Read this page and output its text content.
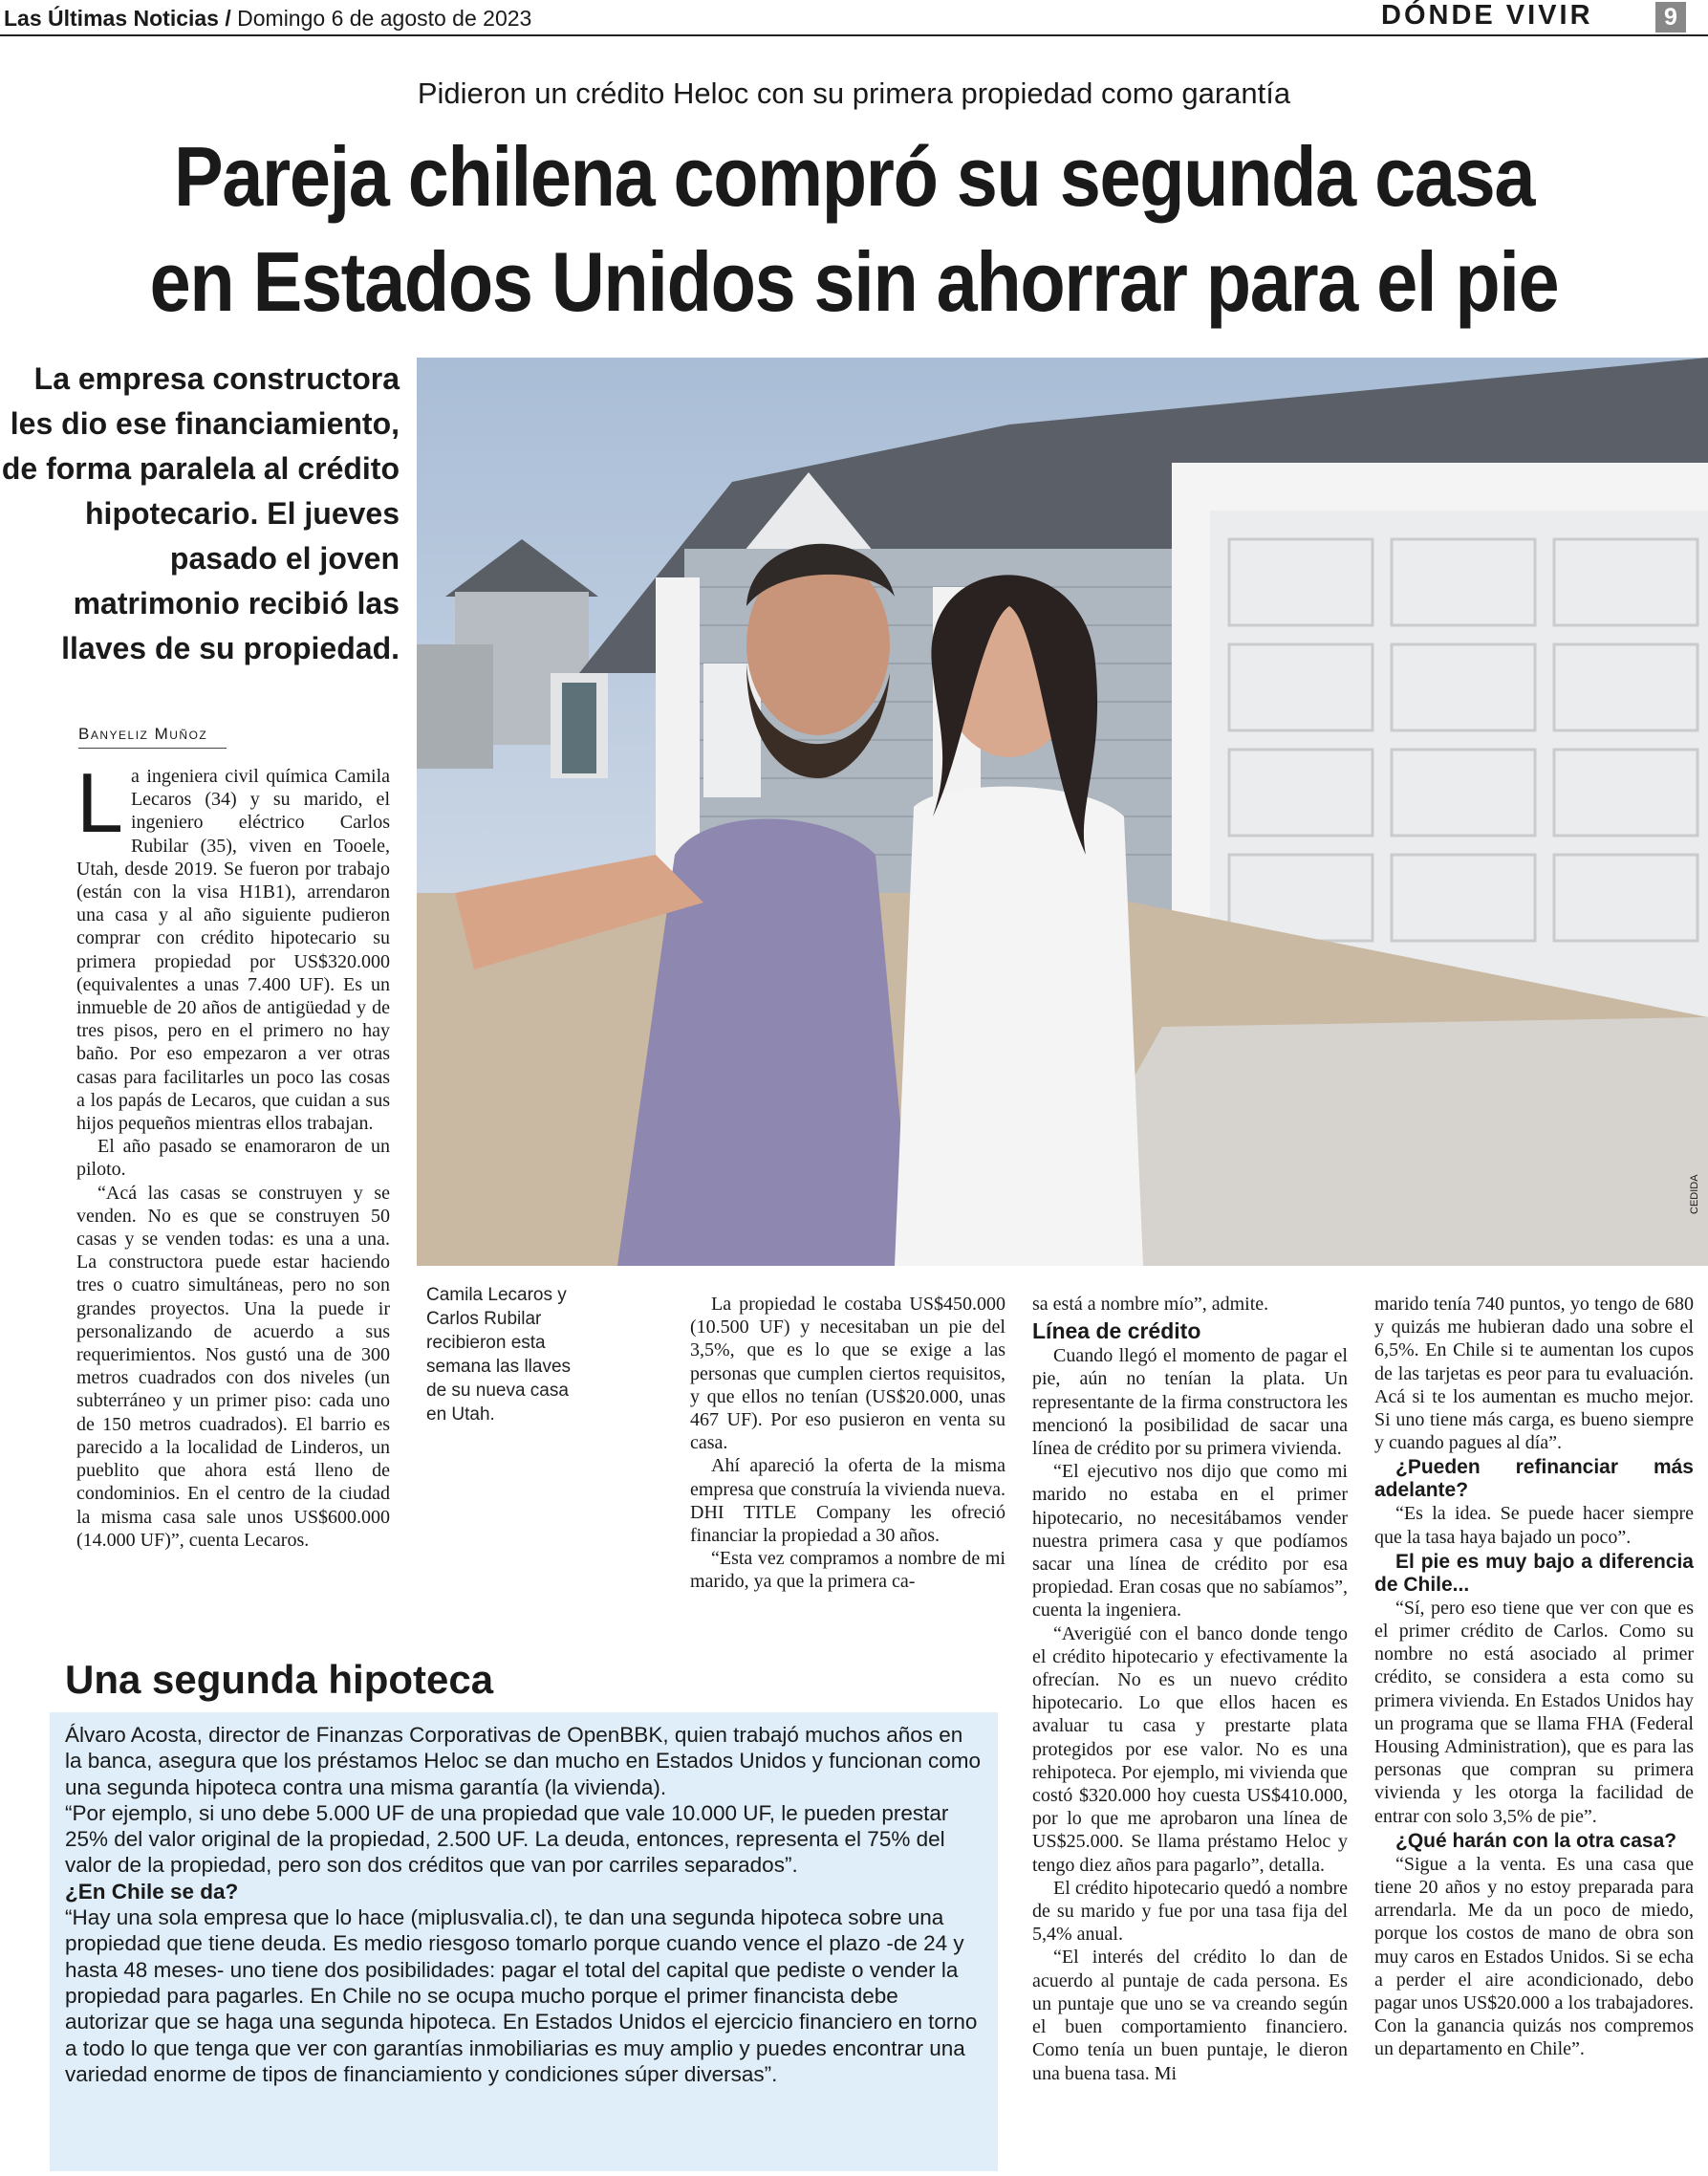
Las Últimas Noticias / Domingo 6 de agosto de 2023	DÓNDE VIVIR	9
Pidieron un crédito Heloc con su primera propiedad como garantía
Pareja chilena compró su segunda casa
en Estados Unidos sin ahorrar para el pie
La empresa constructora les dio ese financiamiento, de forma paralela al crédito hipotecario. El jueves pasado el joven matrimonio recibió las llaves de su propiedad.
CEDIDA
Camila Lecaros y Carlos Rubilar recibieron esta semana las llaves de su nueva casa en Utah.
Banyeliz Muñoz

La ingeniera civil química Camila Lecaros (34) y su marido, el ingeniero eléctrico Carlos Rubilar (35), viven en Tooele, Utah, desde 2019. Se fueron por trabajo (están con la visa H1B1), arrendaron una casa y al año siguiente pudieron comprar con crédito hipotecario su primera propiedad por US$320.000 (equivalentes a unas 7.400 UF). Es un inmueble de 20 años de antigüedad y de tres pisos, pero en el primero no hay baño. Por eso empezaron a ver otras casas para facilitarles un poco las cosas a los papás de Lecaros, que cuidan a sus hijos pequeños mientras ellos trabajan.

El año pasado se enamoraron de un piloto.

“Acá las casas se construyen y se venden. No es que se construyen 50 casas y se venden todas: es una a una. La constructora puede estar haciendo tres o cuatro simultáneas, pero no son grandes proyectos. Una la puede ir personalizando de acuerdo a sus requerimientos. Nos gustó una de 300 metros cuadrados con dos niveles (un subterráneo y un primer piso: cada uno de 150 metros cuadrados). El barrio es parecido a la localidad de Linderos, un pueblito que ahora está lleno de condominios. En el centro de la ciudad la misma casa sale unos US$600.000 (14.000 UF)”, cuenta Lecaros.

La propiedad le costaba US$450.000 (10.500 UF) y necesitaban un pie del 3,5%, que es lo que se exige a las personas que cumplen ciertos requisitos, y que ellos no tenían (US$20.000, unas 467 UF). Por eso pusieron en venta su casa.

Ahí apareció la oferta de la misma empresa que construía la vivienda nueva. DHI TITLE Company les ofreció financiar la propiedad a 30 años.

“Esta vez compramos a nombre de mi marido, ya que la primera ca-

sa está a nombre mío”, admite.

Línea de crédito

Cuando llegó el momento de pagar el pie, aún no tenían la plata. Un representante de la firma constructora les mencionó la posibilidad de sacar una línea de crédito por su primera vivienda.

“El ejecutivo nos dijo que como mi marido no estaba en el primer hipotecario, no necesitábamos vender nuestra primera casa y que podíamos sacar una línea de crédito por esa propiedad. Eran cosas que no sabíamos”, cuenta la ingeniera.

“Averigüé con el banco donde tengo el crédito hipotecario y efectivamente la ofrecían. No es un nuevo crédito hipotecario. Lo que ellos hacen es avaluar tu casa y prestarte plata protegidos por ese valor. No es una rehipoteca. Por ejemplo, mi vivienda que costó $320.000 hoy cuesta US$410.000, por lo que me aprobaron una línea de US$25.000. Se llama préstamo Heloc y tengo diez años para pagarlo”, detalla.

El crédito hipotecario quedó a nombre de su marido y fue por una tasa fija del 5,4% anual.

“El interés del crédito lo dan de acuerdo al puntaje de cada persona. Es un puntaje que uno se va creando según el buen comportamiento financiero. Como tenía un buen puntaje, le dieron una buena tasa. Mi

marido tenía 740 puntos, yo tengo de 680 y quizás me hubieran dado una sobre el 6,5%. En Chile si te aumentan los cupos de las tarjetas es peor para tu evaluación. Acá si te los aumentan es mucho mejor. Si uno tiene más carga, es bueno siempre y cuando pagues al día”.

¿Pueden refinanciar más adelante?

“Es la idea. Se puede hacer siempre que la tasa haya bajado un poco”.

El pie es muy bajo a diferencia de Chile...

“Sí, pero eso tiene que ver con que es el primer crédito de Carlos. Como su nombre no está asociado al primer crédito, se considera a esta como su primera vivienda. En Estados Unidos hay un programa que se llama FHA (Federal Housing Administration), que es para las personas que compran su primera vivienda y les otorga la facilidad de entrar con solo 3,5% de pie”.

¿Qué harán con la otra casa?

“Sigue a la venta. Es una casa que tiene 20 años y no estoy preparada para arrendarla. Me da un poco de miedo, porque los costos de mano de obra son muy caros en Estados Unidos. Si se echa a perder el aire acondicionado, debo pagar unos US$20.000 a los trabajadores. Con la ganancia quizás nos compremos un departamento en Chile”.

Una segunda hipoteca

Álvaro Acosta, director de Finanzas Corporativas de OpenBBK, quien trabajó muchos años en la banca, asegura que los préstamos Heloc se dan mucho en Estados Unidos y funcionan como una segunda hipoteca contra una misma garantía (la vivienda).

“Por ejemplo, si uno debe 5.000 UF de una propiedad que vale 10.000 UF, le pueden prestar 25% del valor original de la propiedad, 2.500 UF. La deuda, entonces, representa el 75% del valor de la propiedad, pero son dos créditos que van por carriles separados”.

¿En Chile se da?

“Hay una sola empresa que lo hace (miplusvalia.cl), te dan una segunda hipoteca sobre una propiedad que tiene deuda. Es medio riesgoso tomarlo porque cuando vence el plazo -de 24 y hasta 48 meses- uno tiene dos posibilidades: pagar el total del capital que pediste o vender la propiedad para pagarles. En Chile no se ocupa mucho porque el primer financista debe autorizar que se haga una segunda hipoteca. En Estados Unidos el ejercicio financiero en torno a todo lo que tenga que ver con garantías inmobiliarias es muy amplio y puedes encontrar una variedad enorme de tipos de financiamiento y condiciones súper diversas”.
